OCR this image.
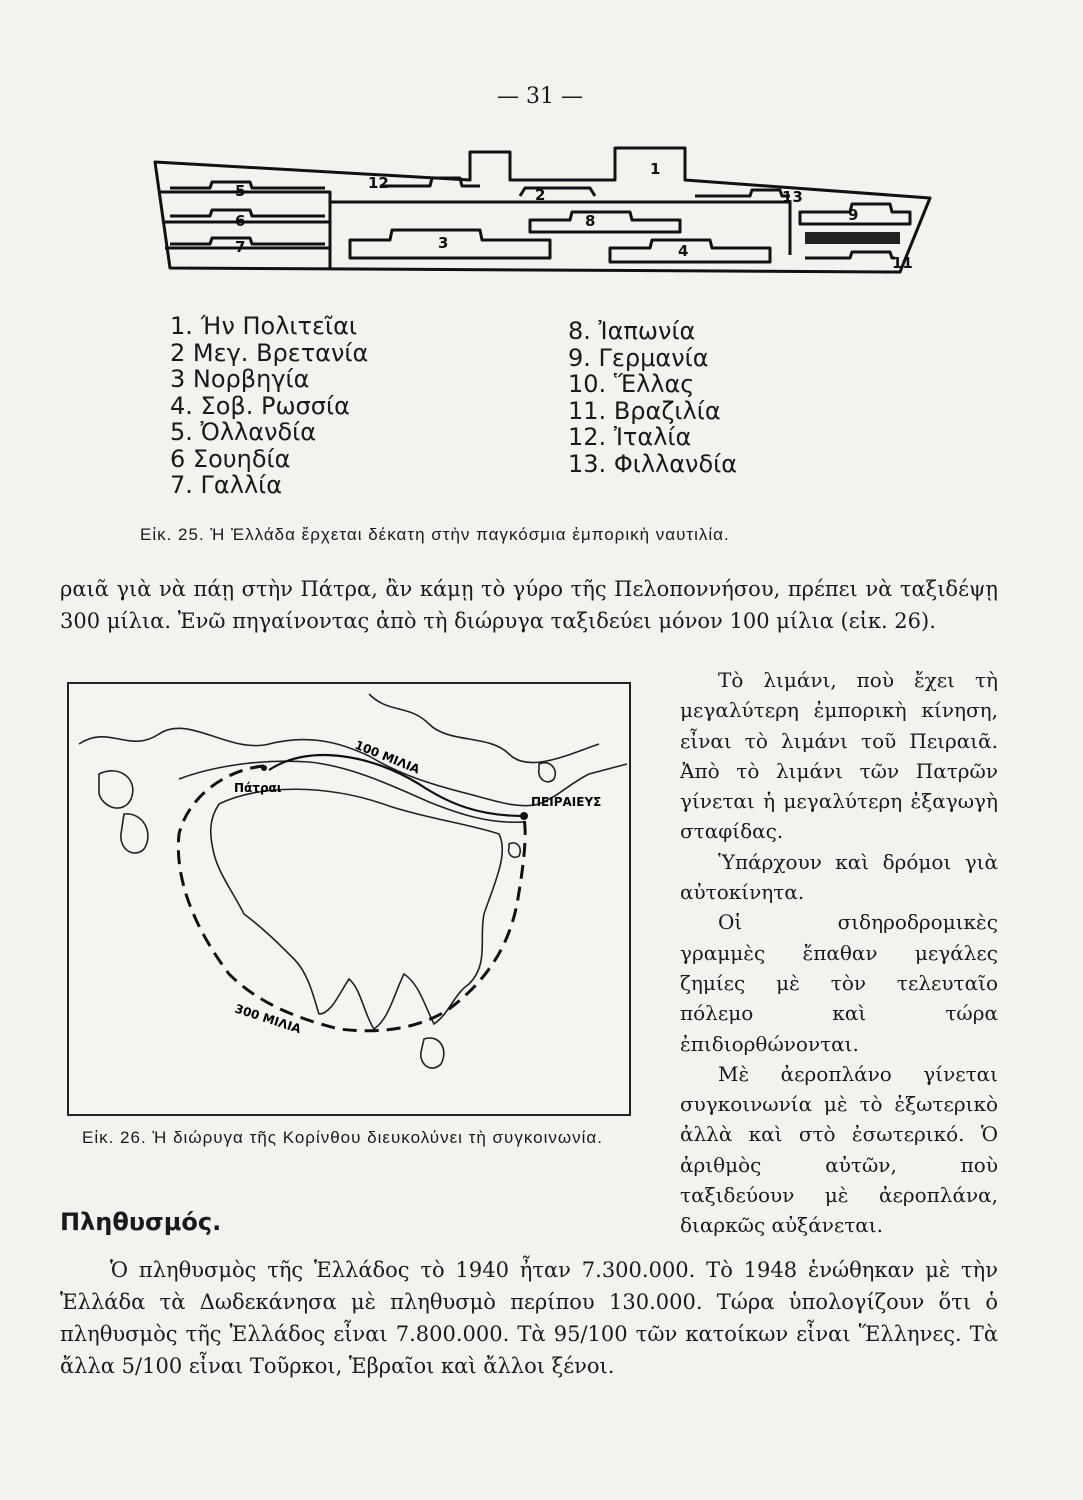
— 31 —
1
2
3	4
5
6
7
8	9
11
12
13
1. Ήν Πολιτεῖαι
2 Μεγ. Βρετανία
3 Νορβηγία
4. Σοβ. Ρωσσία
5. Ὀλλανδία
6 Σουηδία
7. Γαλλία
8. Ἰαπωνία
9. Γερμανία
10. Ἕλλας
11. Βραζιλία
12. Ἰταλία
13. Φιλλανδία
Εἰκ. 25. Ἡ Ἑλλάδα ἔρχεται δέκατη στὴν παγκόσμια ἐμπορικὴ ναυτιλία.

ραιᾶ γιὰ νὰ πάῃ στὴν Πάτρα, ἂν κάμῃ τὸ γύρο τῆς Πελοποννήσου, πρέπει νὰ ταξιδέψῃ 300 μίλια. Ἐνῶ πηγαίνοντας ἀπὸ τὴ διώρυγα ταξιδεύει μόνον 100 μίλια (εἰκ. 26).

Πάτραι
ΠΕΙΡΑΙΕΥΣ
100 ΜΙΛΙΑ
300 ΜΙΛΙΑ
Εἰκ. 26. Ἡ διώρυγα τῆς Κορίνθου διευκολύνει τὴ συγκοινωνία.

Τὸ λιμάνι, ποὺ ἔχει τὴ μεγαλύτερη ἐμπορικὴ κίνηση, εἶναι τὸ λιμάνι τοῦ Πειραιᾶ. Ἀπὸ τὸ λιμάνι τῶν Πατρῶν γίνεται ἡ μεγαλύτερη ἐξαγωγὴ σταφίδας.

Ὑπάρχουν καὶ δρόμοι γιὰ αὐτοκίνητα.

Οἱ σιδηροδρομικὲς γραμμὲς ἔπαθαν μεγάλες ζημίες μὲ τὸν τελευταῖο πόλεμο καὶ τώρα ἐπιδιορθώνονται.

Μὲ ἀεροπλάνο γίνεται συγκοινωνία μὲ τὸ ἐξωτερικὸ ἀλλὰ καὶ στὸ ἐσωτερικό. Ὁ ἀριθμὸς αὐτῶν, ποὺ ταξιδεύουν μὲ ἀεροπλάνα, διαρκῶς αὐξάνεται.

Πληθυσμός.

Ὁ πληθυσμὸς τῆς Ἑλλάδος τὸ 1940 ἦταν 7.300.000. Τὸ 1948 ἑνώθηκαν μὲ τὴν Ἑλλάδα τὰ Δωδεκάνησα μὲ πληθυσμὸ περίπου 130.000. Τώρα ὑπολογίζουν ὅτι ὁ πληθυσμὸς τῆς Ἑλλάδος εἶναι 7.800.000. Τὰ 95/100 τῶν κατοίκων εἶναι Ἕλληνες. Τὰ ἄλλα 5/100 εἶναι Τοῦρκοι, Ἑβραῖοι καὶ ἄλλοι ξένοι.
